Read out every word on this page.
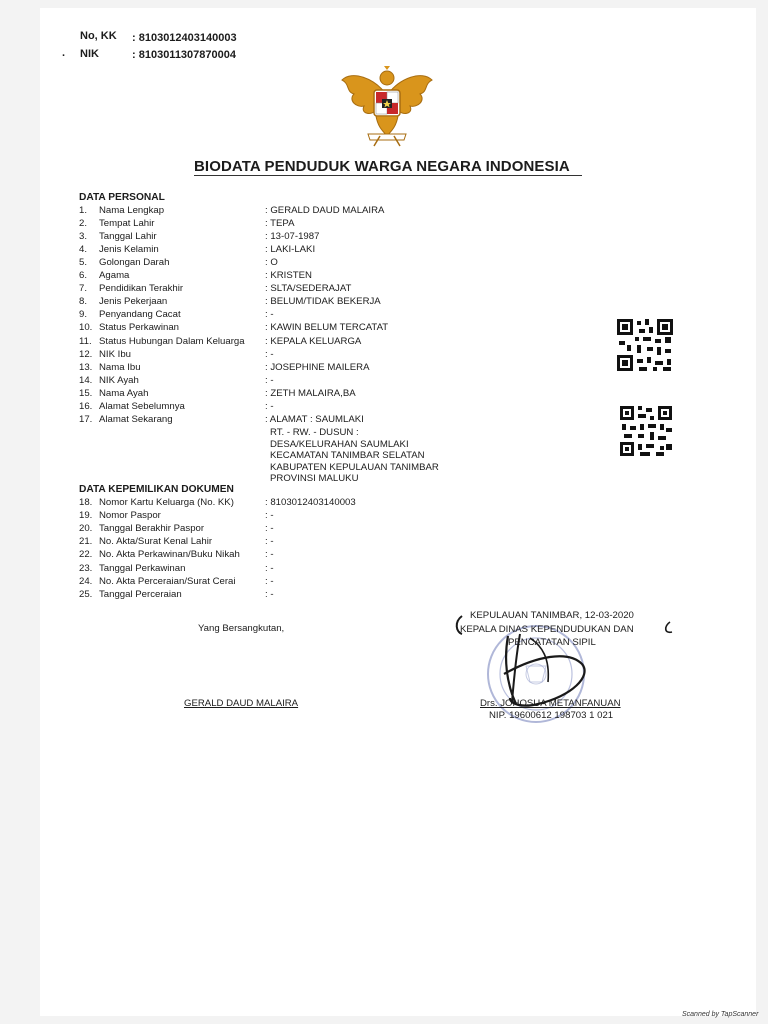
No, KK : 8103012403140003
. NIK	: 8103011307870004
BIODATA PENDUDUK WARGA NEGARA INDONESIA
DATA PERSONAL
1. Nama Lengkap	: GERALD DAUD MALAIRA
2. Tempat Lahir	: TEPA
3. Tanggal Lahir	: 13-07-1987
4. Jenis Kelamin	: LAKI-LAKI
5. Golongan Darah	: O
6. Agama	: KRISTEN
7. Pendidikan Terakhir	: SLTA/SEDERAJAT
8. Jenis Pekerjaan	: BELUM/TIDAK BEKERJA
9. Penyandang Cacat	: -
10. Status Perkawinan	: KAWIN BELUM TERCATAT
11. Status Hubungan Dalam Keluarga : KEPALA KELUARGA
12. NIK Ibu	: -
13. Nama Ibu	: JOSEPHINE MAILERA
14. NIK Ayah	: -
15. Nama Ayah	: ZETH MALAIRA,BA
16. Alamat Sebelumnya	: -
17. Alamat Sekarang	: ALAMAT : SAUMLAKI
RT. - RW. - DUSUN :
DESA/KELURAHAN SAUMLAKI
KECAMATAN TANIMBAR SELATAN
KABUPATEN KEPULAUAN TANIMBAR
PROVINSI MALUKU
DATA KEPEMILIKAN DOKUMEN
18. Nomor Kartu Keluarga (No. KK)	: 8103012403140003
19. Nomor Paspor	: -
20. Tanggal Berakhir Paspor	: -
21. No. Akta/Surat Kenal Lahir	: -
22. No. Akta Perkawinan/Buku Nikah	: -
23. Tanggal Perkawinan	: -
24. No. Akta Perceraian/Surat Cerai	: -
25. Tanggal Perceraian	: -
Yang Bersangkutan,
GERALD DAUD MALAIRA
KEPULAUAN TANIMBAR, 12-03-2020
KEPALA DINAS KEPENDUDUKAN DAN
PENCATATAN SIPIL
Drs. JOHOSUA METANFANUAN
NIP. 19600612 198703 1 021
Scanned by TapScanner
